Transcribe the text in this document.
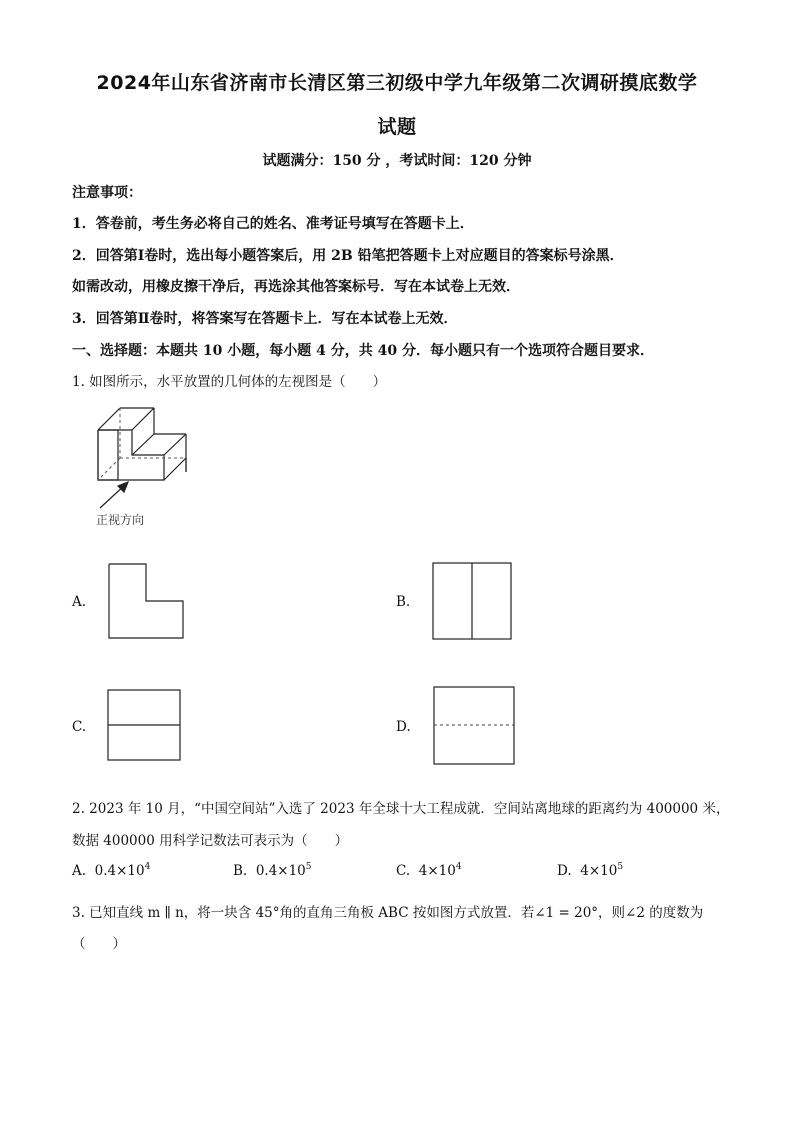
2024年山东省济南市长清区第三初级中学九年级第二次调研摸底数学
试题
试题满分：150 分 ，考试时间：120 分钟
注意事项：
1．答卷前，考生务必将自己的姓名、准考证号填写在答题卡上．
2．回答第Ⅰ卷时，选出每小题答案后，用 2B 铅笔把答题卡上对应题目的答案标号涂黑．
如需改动，用橡皮擦干净后，再选涂其他答案标号．写在本试卷上无效．
3．回答第Ⅱ卷时，将答案写在答题卡上．写在本试卷上无效．
一、选择题：本题共 10 小题，每小题 4 分，共 40 分．每小题只有一个选项符合题目要求．
1. 如图所示，水平放置的几何体的左视图是（　　）
正视方向
A.	B.
C.	D.
2. 2023 年 10 月，“中国空间站”入选了 2023 年全球十大工程成就．空间站离地球的距离约为 400000 米，
数据 400000 用科学记数法可表示为（　　）
A. $0.4\times 10^4$	B. $0.4\times 10^5$	C. $4\times 10^4$	D. $4\times 10^5$
3. 已知直线 m ∥ n，将一块含 45°角的直角三角板 ABC 按如图方式放置．若∠1 = 20°，则∠2 的度数为
（　　）
